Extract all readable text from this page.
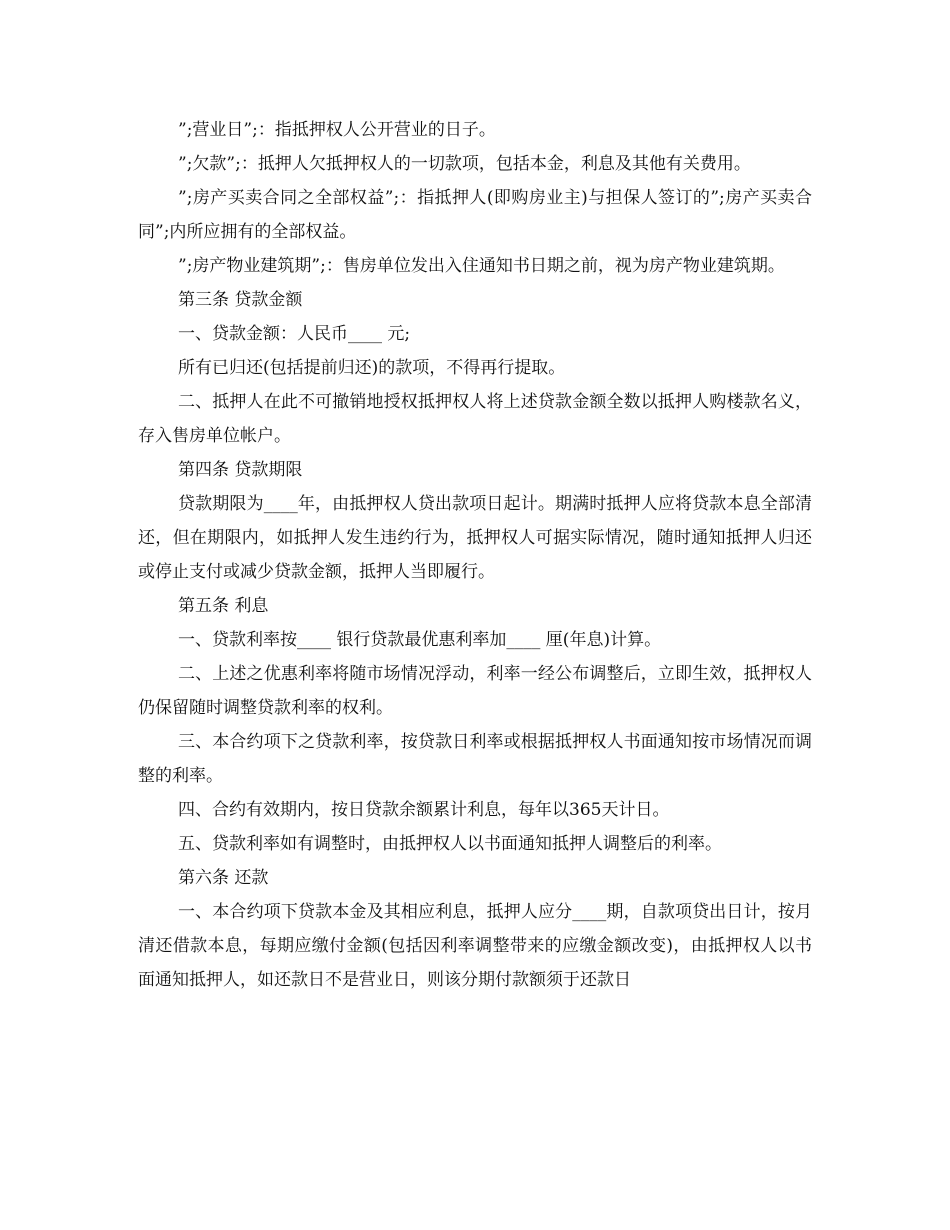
”;营业日”;：指抵押权人公开营业的日子。

”;欠款”;：抵押人欠抵押权人的一切款项，包括本金，利息及其他有关费用。

”;房产买卖合同之全部权益”;：指抵押人(即购房业主)与担保人签订的”;房产买卖合同”;内所应拥有的全部权益。

”;房产物业建筑期”;：售房单位发出入住通知书日期之前，视为房产物业建筑期。

第三条 贷款金额

一、贷款金额：人民币____ 元;

所有已归还(包括提前归还)的款项，不得再行提取。

二、抵押人在此不可撤销地授权抵押权人将上述贷款金额全数以抵押人购楼款名义，存入售房单位帐户。

第四条 贷款期限

贷款期限为____年，由抵押权人贷出款项日起计。期满时抵押人应将贷款本息全部清还，但在期限内，如抵押人发生违约行为，抵押权人可据实际情况，随时通知抵押人归还或停止支付或减少贷款金额，抵押人当即履行。

第五条 利息

一、贷款利率按____ 银行贷款最优惠利率加____ 厘(年息)计算。

二、上述之优惠利率将随市场情况浮动，利率一经公布调整后，立即生效，抵押权人仍保留随时调整贷款利率的权利。

三、本合约项下之贷款利率，按贷款日利率或根据抵押权人书面通知按市场情况而调整的利率。

四、合约有效期内，按日贷款余额累计利息，每年以365天计日。

五、贷款利率如有调整时，由抵押权人以书面通知抵押人调整后的利率。

第六条 还款

一、本合约项下贷款本金及其相应利息，抵押人应分____期，自款项贷出日计，按月清还借款本息，每期应缴付金额(包括因利率调整带来的应缴金额改变)，由抵押权人以书面通知抵押人，如还款日不是营业日，则该分期付款额须于还款日
